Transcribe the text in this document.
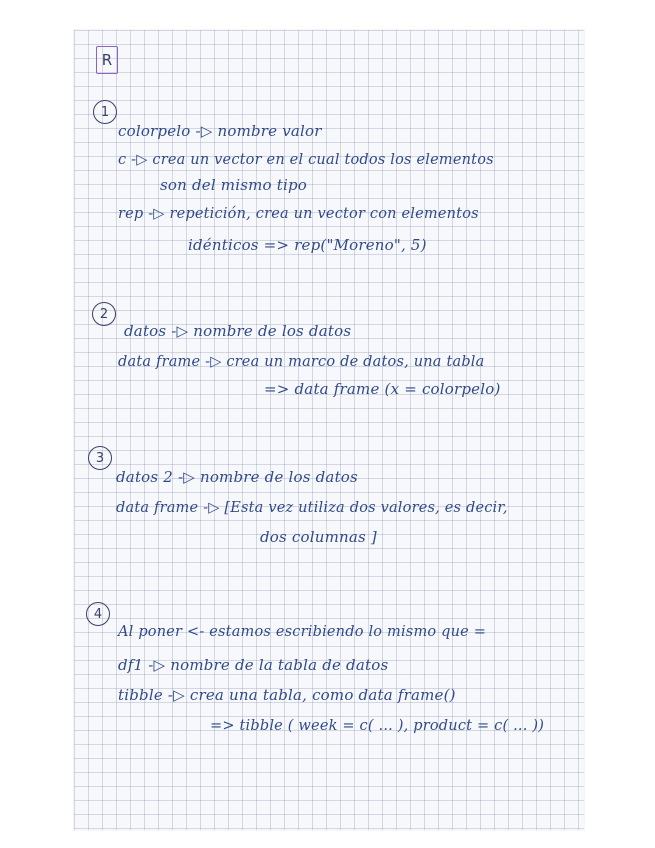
R
1
colorpelo -▷ nombre valor
c -▷ crea un vector en el cual todos los elementos
son del mismo tipo
rep -▷ repetición, crea un vector con elementos
idénticos => rep("Moreno", 5)
2
datos -▷ nombre de los datos
data frame -▷ crea un marco de datos, una tabla
=> data frame (x = colorpelo)
3
datos 2 -▷ nombre de los datos
data frame -▷ [Esta vez utiliza dos valores, es decir,
dos columnas ]
4
Al poner <- estamos escribiendo lo mismo que =
df1 -▷ nombre de la tabla de datos
tibble -▷ crea una tabla, como data frame()
=> tibble ( week = c( ... ), product = c( ... ))
